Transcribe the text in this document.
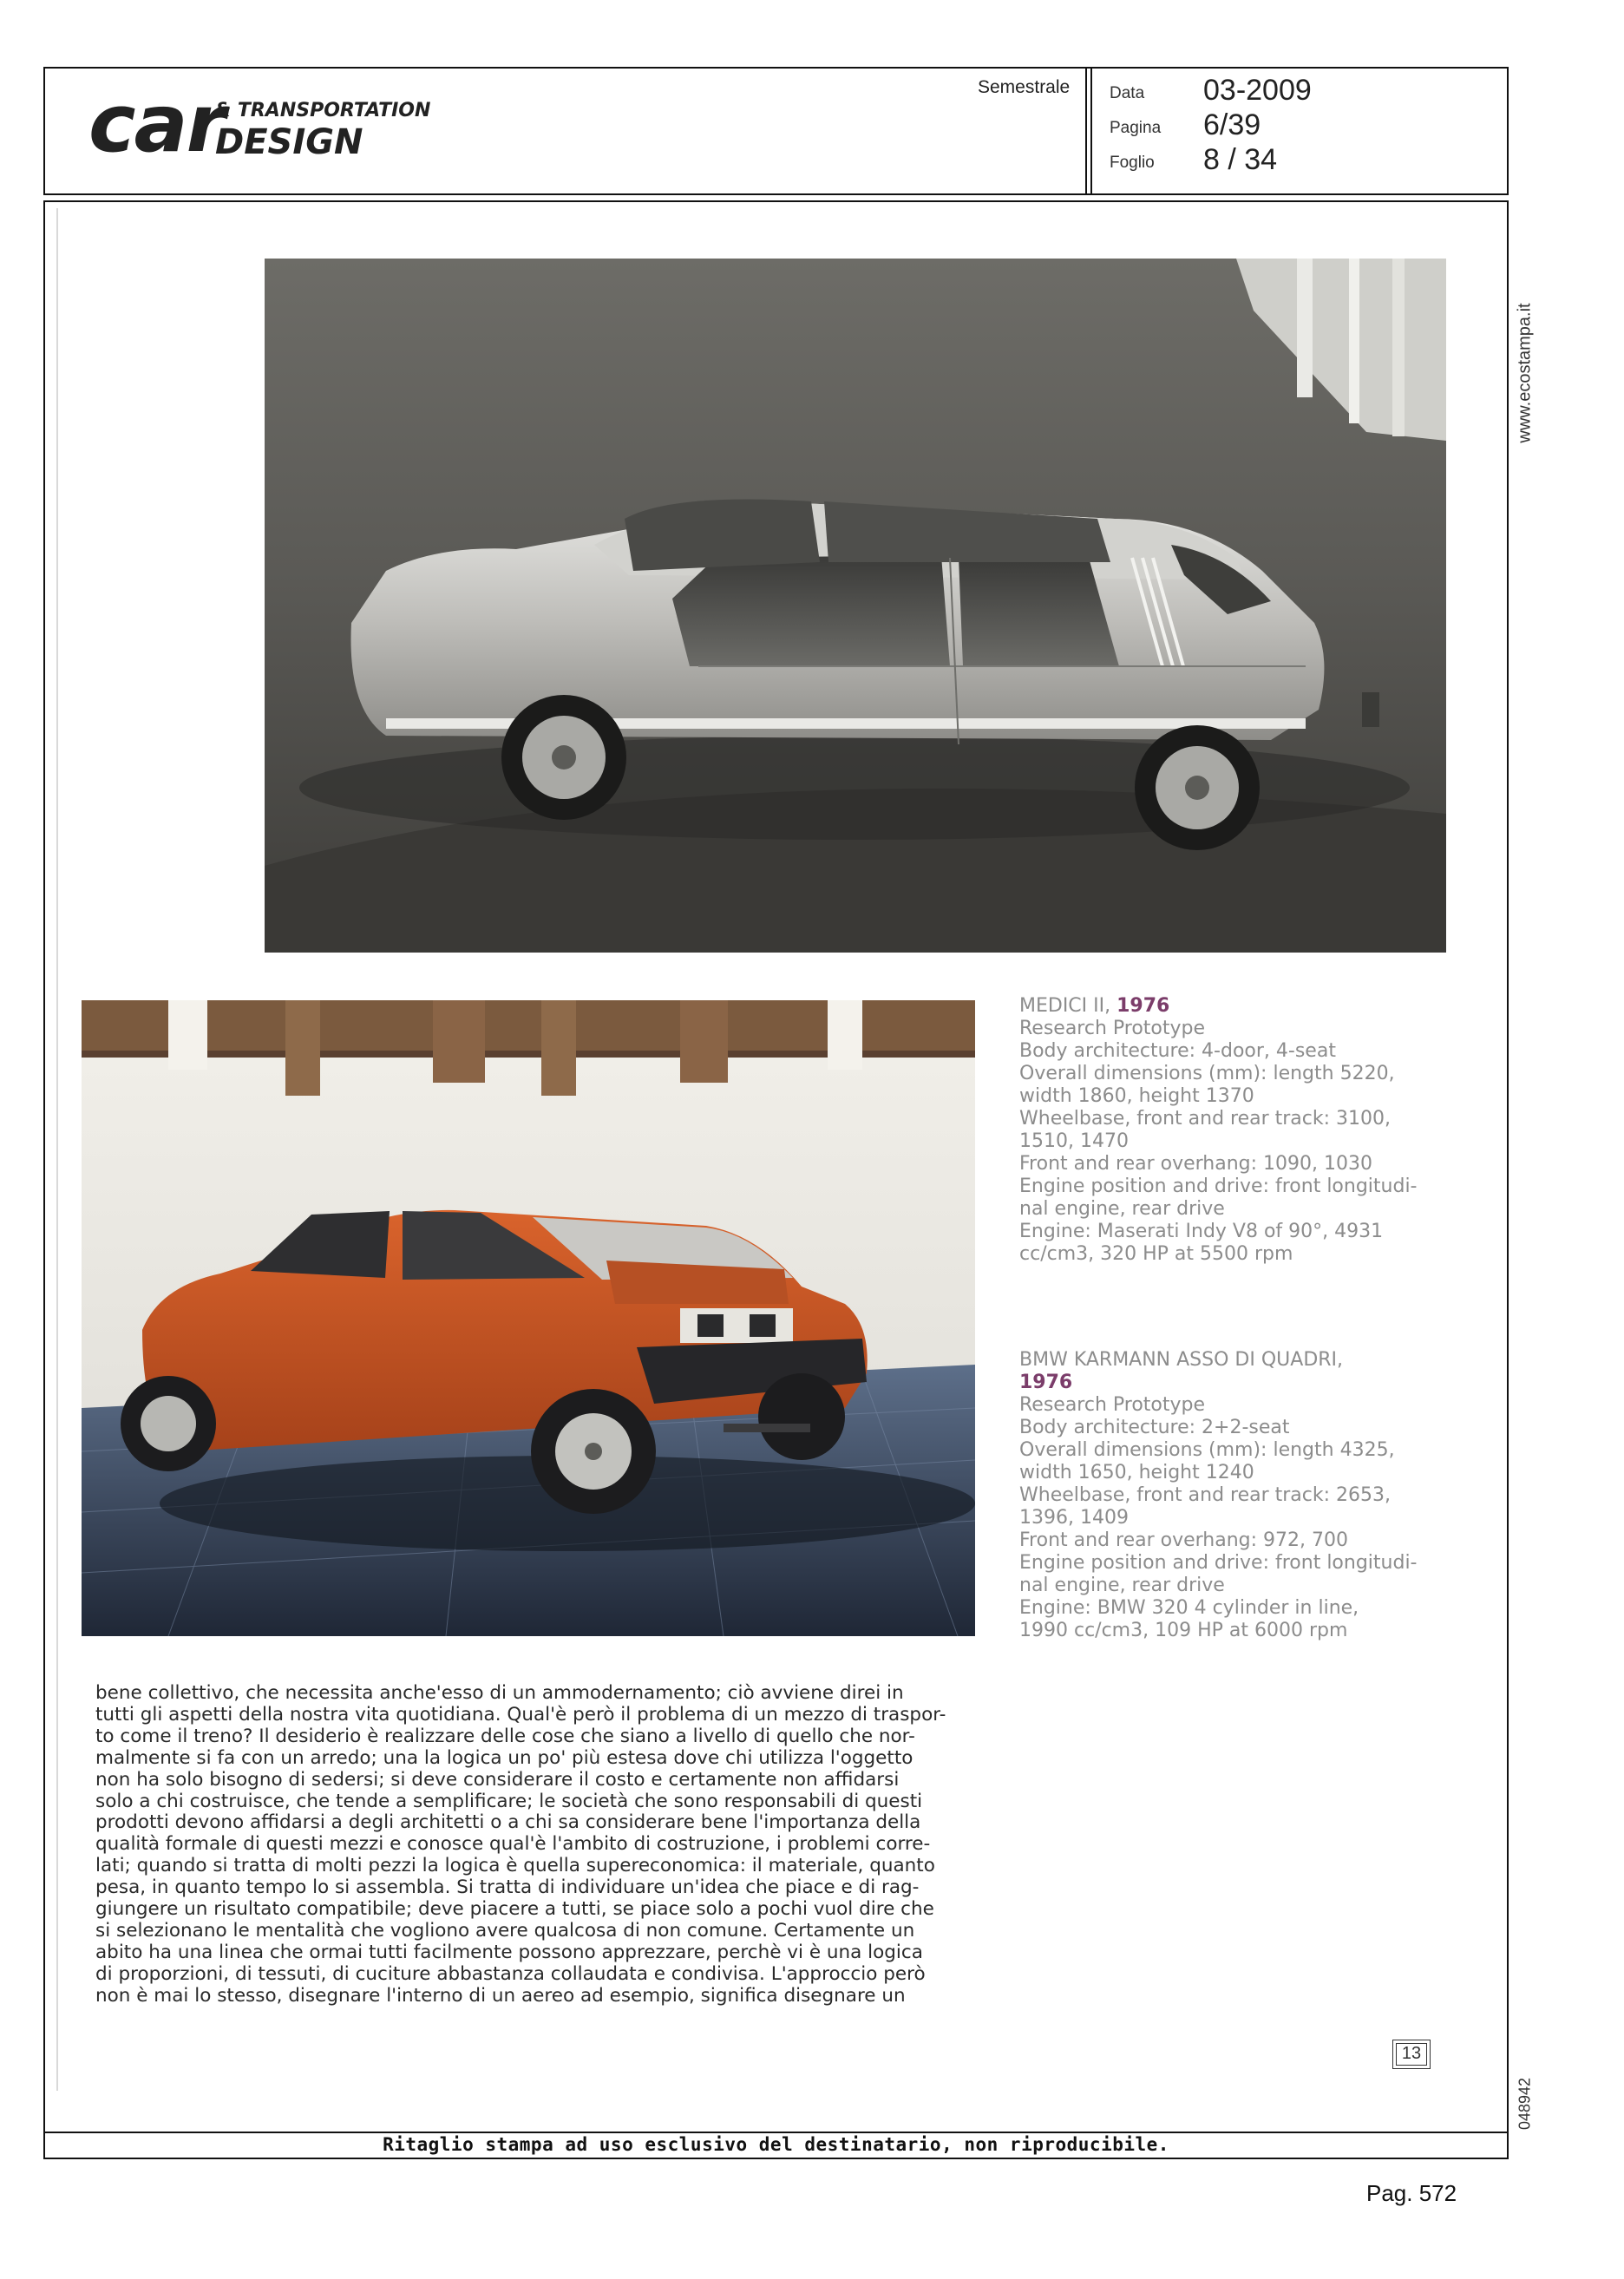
car
& TRANSPORTATION
DESIGN
Semestrale Data	03-2009
Pagina	6/39
Foglio	8 / 34
www.ecostampa.it
048942
MEDICI II, 1976
Research Prototype
Body architecture: 4-door, 4-seat
Overall dimensions (mm): length 5220,
width 1860, height 1370
Wheelbase, front and rear track: 3100,
1510, 1470
Front and rear overhang: 1090, 1030
Engine position and drive: front longitudi-
nal engine, rear drive
Engine: Maserati Indy V8 of 90°, 4931
cc/cm3, 320 HP at 5500 rpm
BMW KARMANN ASSO DI QUADRI,
1976
Research Prototype
Body architecture: 2+2-seat
Overall dimensions (mm): length 4325,
width 1650, height 1240
Wheelbase, front and rear track: 2653,
1396, 1409
Front and rear overhang: 972, 700
Engine position and drive: front longitudi-
nal engine, rear drive
Engine: BMW 320 4 cylinder in line,
1990 cc/cm3, 109 HP at 6000 rpm
bene collettivo, che necessita anche'esso di un ammodernamento; ciò avviene direi in
tutti gli aspetti della nostra vita quotidiana. Qual'è però il problema di un mezzo di traspor-
to come il treno? Il desiderio è realizzare delle cose che siano a livello di quello che nor-
malmente si fa con un arredo; una la logica un po' più estesa dove chi utilizza l'oggetto
non ha solo bisogno di sedersi; si deve considerare il costo e certamente non affidarsi
solo a chi costruisce, che tende a semplificare; le società che sono responsabili di questi
prodotti devono affidarsi a degli architetti o a chi sa considerare bene l'importanza della
qualità formale di questi mezzi e conosce qual'è l'ambito di costruzione, i problemi corre-
lati; quando si tratta di molti pezzi la logica è quella supereconomica: il materiale, quanto
pesa, in quanto tempo lo si assembla. Si tratta di individuare un'idea che piace e di rag-
giungere un risultato compatibile; deve piacere a tutti, se piace solo a pochi vuol dire che
si selezionano le mentalità che vogliono avere qualcosa di non comune. Certamente un
abito ha una linea che ormai tutti facilmente possono apprezzare, perchè vi è una logica
di proporzioni, di tessuti, di cuciture abbastanza collaudata e condivisa. L'approccio però
non è mai lo stesso, disegnare l'interno di un aereo ad esempio, significa disegnare un
13
Ritaglio stampa ad uso esclusivo del destinatario, non riproducibile.
Pag. 572
